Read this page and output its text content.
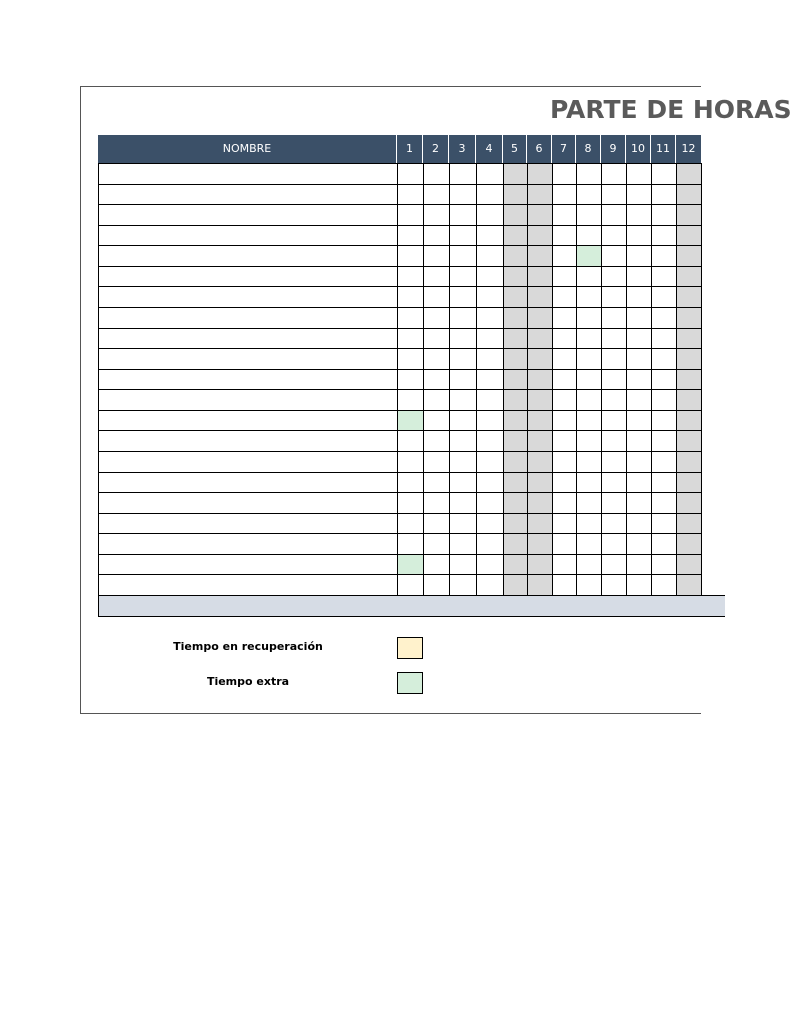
PARTE DE HORAS
NOMBRE	1	2	3	4	5	6	7	8	9	10	11	12
Tiempo en recuperación
Tiempo extra
